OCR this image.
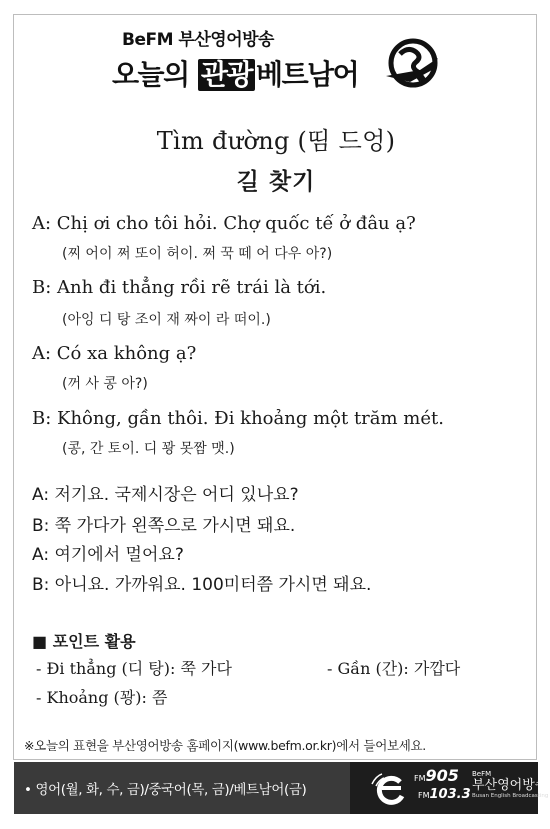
BeFM 부산영어방송
오늘의 관광 베트남어
Tìm đường (띰 드엉)
길 찾기
A: Chị ơi cho tôi hỏi. Chợ quốc tế ở đâu ạ?
(찌 어이 쩌 또이 허이. 쩌 꾹 떼 어 다우 아?)
B: Anh đi thẳng rồi rẽ trái là tới.
(아잉 디 탕 조이 재 짜이 라 떠이.)
A: Có xa không ạ?
(꺼 사 콩 아?)
B: Không, gần thôi. Đi khoảng một trăm mét.
(콩, 간 토이. 디 꽝 못짬 맷.)
A: 저기요. 국제시장은 어디 있나요?
B: 쭉 가다가 왼쪽으로 가시면 돼요.
A: 여기에서 멀어요?
B: 아니요. 가까워요. 100미터쯤 가시면 돼요.
■ 포인트 활용
- Đi thẳng (디 탕): 쭉 가다	- Gần (간): 가깝다
- Khoảng (꽝): 쯤
※오늘의 표현을 부산영어방송 홈페이지(www.befm.or.kr)에서 들어보세요.
• 영어(월, 화, 수, 금)/중국어(목, 금)/베트남어(금)
FM905
FM103.3
BeFM
부산영어방송
Busan English Broadcasting
